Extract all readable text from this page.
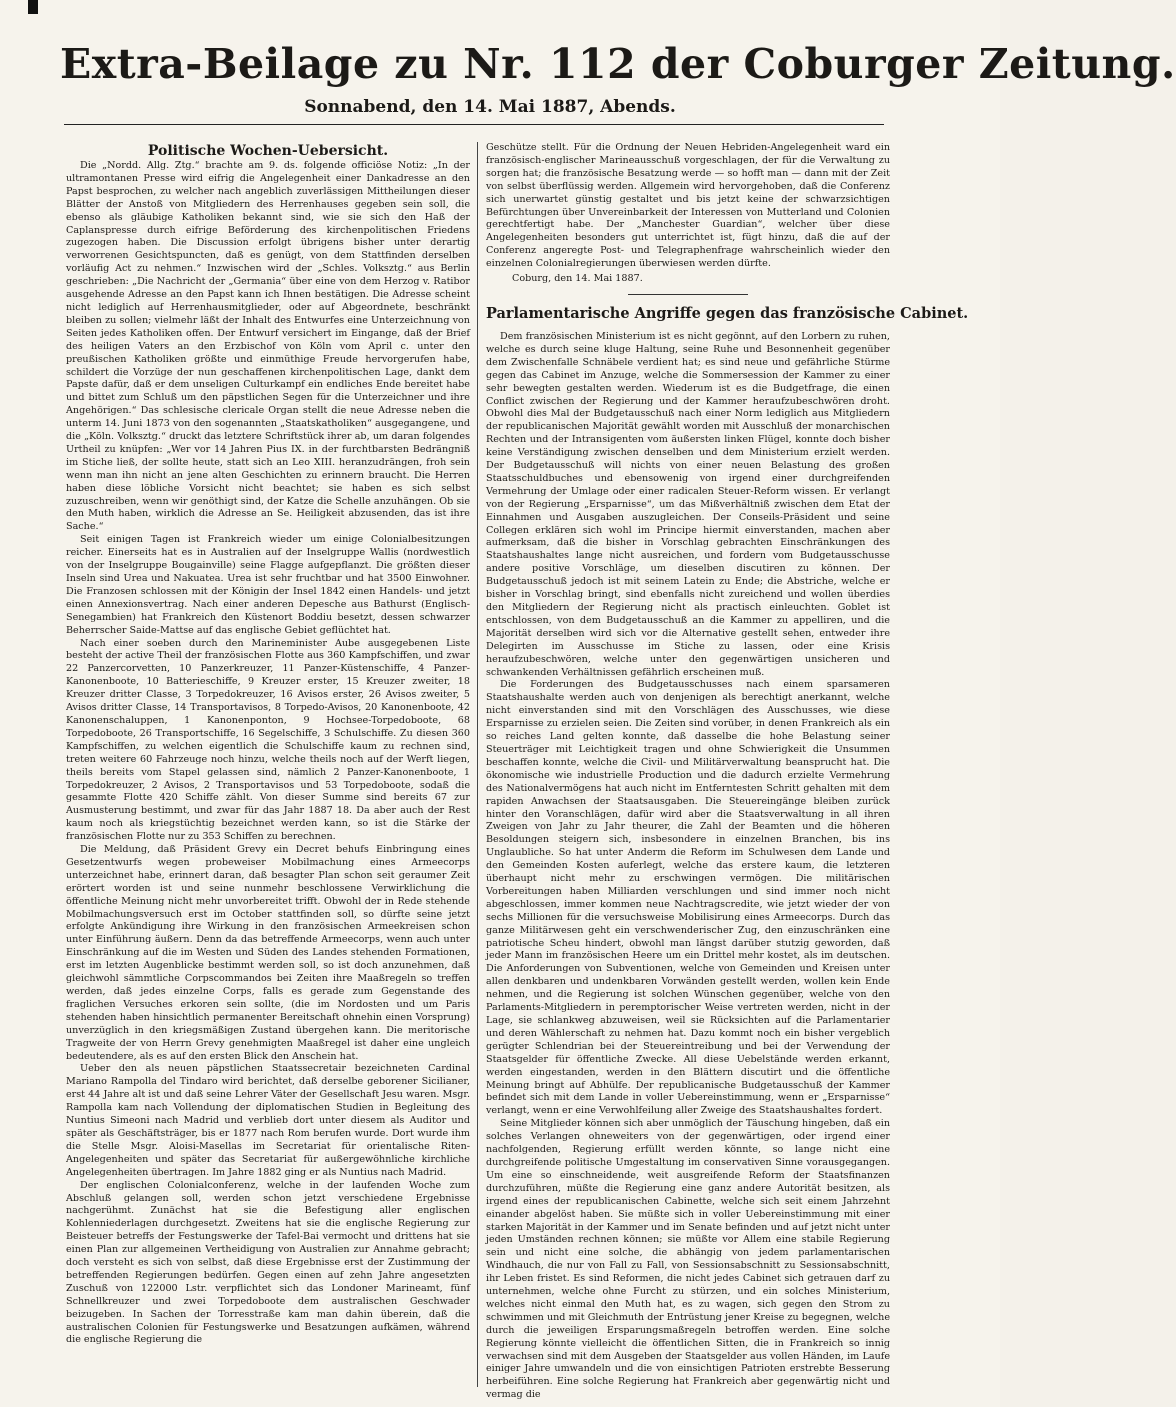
Extra-Beilage zu Nr. 112 der Coburger Zeitung.
Sonnabend, den 14. Mai 1887, Abends.

Politische Wochen-Uebersicht.

Die „Nordd. Allg. Ztg.“ brachte am 9. ds. folgende officiöse Notiz: „In der ultramontanen Presse wird eifrig die Angelegenheit einer Dankadresse an den Papst besprochen, zu welcher nach angeblich zuverlässigen Mittheilungen dieser Blätter der Anstoß von Mitgliedern des Herrenhauses gegeben sein soll, die ebenso als gläubige Katholiken bekannt sind, wie sie sich den Haß der Caplanspresse durch eifrige Beförderung des kirchenpolitischen Friedens zugezogen haben. Die Discussion erfolgt übrigens bisher unter derartig verworrenen Gesichtspuncten, daß es genügt, von dem Stattfinden derselben vorläufig Act zu nehmen.“ Inzwischen wird der „Schles. Volksztg.“ aus Berlin geschrieben: „Die Nachricht der „Germania“ über eine von dem Herzog v. Ratibor ausgehende Adresse an den Papst kann ich Ihnen bestätigen. Die Adresse scheint nicht lediglich auf Herrenhausmitglieder, oder auf Abgeordnete, beschränkt bleiben zu sollen; vielmehr läßt der Inhalt des Entwurfes eine Unterzeichnung von Seiten jedes Katholiken offen. Der Entwurf versichert im Eingange, daß der Brief des heiligen Vaters an den Erzbischof von Köln vom April c. unter den preußischen Katholiken größte und einmüthige Freude hervorgerufen habe, schildert die Vorzüge der nun geschaffenen kirchenpolitischen Lage, dankt dem Papste dafür, daß er dem unseligen Culturkampf ein endliches Ende bereitet habe und bittet zum Schluß um den päpstlichen Segen für die Unterzeichner und ihre Angehörigen.“ Das schlesische clericale Organ stellt die neue Adresse neben die unterm 14. Juni 1873 von den sogenannten „Staatskatholiken“ ausgegangene, und die „Köln. Volksztg.“ druckt das letztere Schriftstück ihrer ab, um daran folgendes Urtheil zu knüpfen: „Wer vor 14 Jahren Pius IX. in der furchtbarsten Bedrängniß im Stiche ließ, der sollte heute, statt sich an Leo XIII. heranzudrängen, froh sein wenn man ihn nicht an jene alten Geschichten zu erinnern braucht. Die Herren haben diese löbliche Vorsicht nicht beachtet; sie haben es sich selbst zuzuschreiben, wenn wir genöthigt sind, der Katze die Schelle anzuhängen. Ob sie den Muth haben, wirklich die Adresse an Se. Heiligkeit abzusenden, das ist ihre Sache.“

Seit einigen Tagen ist Frankreich wieder um einige Colonialbesitzungen reicher. Einerseits hat es in Australien auf der Inselgruppe Wallis (nordwestlich von der Inselgruppe Bougainville) seine Flagge aufgepflanzt. Die größten dieser Inseln sind Urea und Nakuatea. Urea ist sehr fruchtbar und hat 3500 Einwohner. Die Franzosen schlossen mit der Königin der Insel 1842 einen Handels- und jetzt einen Annexionsvertrag. Nach einer anderen Depesche aus Bathurst (Englisch-Senegambien) hat Frankreich den Küstenort Boddiu besetzt, dessen schwarzer Beherrscher Saide-Mattse auf das englische Gebiet geflüchtet hat.

Nach einer soeben durch den Marineminister Aube ausgegebenen Liste besteht der active Theil der französischen Flotte aus 360 Kampfschiffen, und zwar 22 Panzercorvetten, 10 Panzerkreuzer, 11 Panzer-Küstenschiffe, 4 Panzer-Kanonenboote, 10 Batterieschiffe, 9 Kreuzer erster, 15 Kreuzer zweiter, 18 Kreuzer dritter Classe, 3 Torpedokreuzer, 16 Avisos erster, 26 Avisos zweiter, 5 Avisos dritter Classe, 14 Transportavisos, 8 Torpedo-Avisos, 20 Kanonenboote, 42 Kanonenschaluppen, 1 Kanonenponton, 9 Hochsee-Torpedoboote, 68 Torpedoboote, 26 Transportschiffe, 16 Segelschiffe, 3 Schulschiffe. Zu diesen 360 Kampfschiffen, zu welchen eigentlich die Schulschiffe kaum zu rechnen sind, treten weitere 60 Fahrzeuge noch hinzu, welche theils noch auf der Werft liegen, theils bereits vom Stapel gelassen sind, nämlich 2 Panzer-Kanonenboote, 1 Torpedokreuzer, 2 Avisos, 2 Transportavisos und 53 Torpedoboote, sodaß die gesammte Flotte 420 Schiffe zählt. Von dieser Summe sind bereits 67 zur Ausmusterung bestimmt, und zwar für das Jahr 1887 18. Da aber auch der Rest kaum noch als kriegstüchtig bezeichnet werden kann, so ist die Stärke der französischen Flotte nur zu 353 Schiffen zu berechnen.

Die Meldung, daß Präsident Grevy ein Decret behufs Einbringung eines Gesetzentwurfs wegen probeweiser Mobilmachung eines Armeecorps unterzeichnet habe, erinnert daran, daß besagter Plan schon seit geraumer Zeit erörtert worden ist und seine nunmehr beschlossene Verwirklichung die öffentliche Meinung nicht mehr unvorbereitet trifft. Obwohl der in Rede stehende Mobilmachungsversuch erst im October stattfinden soll, so dürfte seine jetzt erfolgte Ankündigung ihre Wirkung in den französischen Armeekreisen schon unter Einführung äußern. Denn da das betreffende Armeecorps, wenn auch unter Einschränkung auf die im Westen und Süden des Landes stehenden Formationen, erst im letzten Augenblicke bestimmt werden soll, so ist doch anzunehmen, daß gleichwohl sämmtliche Corpscommandos bei Zeiten ihre Maaßregeln so treffen werden, daß jedes einzelne Corps, falls es gerade zum Gegenstande des fraglichen Versuches erkoren sein sollte, (die im Nordosten und um Paris stehenden haben hinsichtlich permanenter Bereitschaft ohnehin einen Vorsprung) unverzüglich in den kriegsmäßigen Zustand übergehen kann. Die meritorische Tragweite der von Herrn Grevy genehmigten Maaßregel ist daher eine ungleich bedeutendere, als es auf den ersten Blick den Anschein hat.

Ueber den als neuen päpstlichen Staatssecretair bezeichneten Cardinal Mariano Rampolla del Tindaro wird berichtet, daß derselbe geborener Sicilianer, erst 44 Jahre alt ist und daß seine Lehrer Väter der Gesellschaft Jesu waren. Msgr. Rampolla kam nach Vollendung der diplomatischen Studien in Begleitung des Nuntius Simeoni nach Madrid und verblieb dort unter diesem als Auditor und später als Geschäftsträger, bis er 1877 nach Rom berufen wurde. Dort wurde ihm die Stelle Msgr. Aloisi-Masellas im Secretariat für orientalische Riten-Angelegenheiten und später das Secretariat für außergewöhnliche kirchliche Angelegenheiten übertragen. Im Jahre 1882 ging er als Nuntius nach Madrid.

Der englischen Colonialconferenz, welche in der laufenden Woche zum Abschluß gelangen soll, werden schon jetzt verschiedene Ergebnisse nachgerühmt. Zunächst hat sie die Befestigung aller englischen Kohlenniederlagen durchgesetzt. Zweitens hat sie die englische Regierung zur Beisteuer betreffs der Festungswerke der Tafel-Bai vermocht und drittens hat sie einen Plan zur allgemeinen Vertheidigung von Australien zur Annahme gebracht; doch versteht es sich von selbst, daß diese Ergebnisse erst der Zustimmung der betreffenden Regierungen bedürfen. Gegen einen auf zehn Jahre angesetzten Zuschuß von 122000 Lstr. verpflichtet sich das Londoner Marineamt, fünf Schnellkreuzer und zwei Torpedoboote dem australischen Geschwader beizugeben. In Sachen der Torresstraße kam man dahin überein, daß die australischen Colonien für Festungswerke und Besatzungen aufkämen, während die englische Regierung die

Geschütze stellt. Für die Ordnung der Neuen Hebriden-Angelegenheit ward ein französisch-englischer Marineausschuß vorgeschlagen, der für die Verwaltung zu sorgen hat; die französische Besatzung werde — so hofft man — dann mit der Zeit von selbst überflüssig werden. Allgemein wird hervorgehoben, daß die Conferenz sich unerwartet günstig gestaltet und bis jetzt keine der schwarzsichtigen Befürchtungen über Unvereinbarkeit der Interessen von Mutterland und Colonien gerechtfertigt habe. Der „Manchester Guardian“, welcher über diese Angelegenheiten besonders gut unterrichtet ist, fügt hinzu, daß die auf der Conferenz angeregte Post- und Telegraphenfrage wahrscheinlich wieder den einzelnen Colonialregierungen überwiesen werden dürfte.

Coburg, den 14. Mai 1887.

Parlamentarische Angriffe gegen das französische Cabinet.

Dem französischen Ministerium ist es nicht gegönnt, auf den Lorbern zu ruhen, welche es durch seine kluge Haltung, seine Ruhe und Besonnenheit gegenüber dem Zwischenfalle Schnäbele verdient hat; es sind neue und gefährliche Stürme gegen das Cabinet im Anzuge, welche die Sommersession der Kammer zu einer sehr bewegten gestalten werden. Wiederum ist es die Budgetfrage, die einen Conflict zwischen der Regierung und der Kammer heraufzubeschwören droht. Obwohl dies Mal der Budgetausschuß nach einer Norm lediglich aus Mitgliedern der republicanischen Majorität gewählt worden mit Ausschluß der monarchischen Rechten und der Intransigenten vom äußersten linken Flügel, konnte doch bisher keine Verständigung zwischen denselben und dem Ministerium erzielt werden. Der Budgetausschuß will nichts von einer neuen Belastung des großen Staatsschuldbuches und ebensowenig von irgend einer durchgreifenden Vermehrung der Umlage oder einer radicalen Steuer-Reform wissen. Er verlangt von der Regierung „Ersparnisse“, um das Mißverhältniß zwischen dem Etat der Einnahmen und Ausgaben auszugleichen. Der Conseils-Präsident und seine Collegen erklären sich wohl im Principe hiermit einverstanden, machen aber aufmerksam, daß die bisher in Vorschlag gebrachten Einschränkungen des Staatshaushaltes lange nicht ausreichen, und fordern vom Budgetausschusse andere positive Vorschläge, um dieselben discutiren zu können. Der Budgetausschuß jedoch ist mit seinem Latein zu Ende; die Abstriche, welche er bisher in Vorschlag bringt, sind ebenfalls nicht zureichend und wollen überdies den Mitgliedern der Regierung nicht als practisch einleuchten. Goblet ist entschlossen, von dem Budgetausschuß an die Kammer zu appelliren, und die Majorität derselben wird sich vor die Alternative gestellt sehen, entweder ihre Delegirten im Ausschusse im Stiche zu lassen, oder eine Krisis heraufzubeschwören, welche unter den gegenwärtigen unsicheren und schwankenden Verhältnissen gefährlich erscheinen muß.

Die Forderungen des Budgetausschusses nach einem sparsameren Staatshaushalte werden auch von denjenigen als berechtigt anerkannt, welche nicht einverstanden sind mit den Vorschlägen des Ausschusses, wie diese Ersparnisse zu erzielen seien. Die Zeiten sind vorüber, in denen Frankreich als ein so reiches Land gelten konnte, daß dasselbe die hohe Belastung seiner Steuerträger mit Leichtigkeit tragen und ohne Schwierigkeit die Unsummen beschaffen konnte, welche die Civil- und Militärverwaltung beansprucht hat. Die ökonomische wie industrielle Production und die dadurch erzielte Vermehrung des Nationalvermögens hat auch nicht im Entferntesten Schritt gehalten mit dem rapiden Anwachsen der Staatsausgaben. Die Steuereingänge bleiben zurück hinter den Voranschlägen, dafür wird aber die Staatsverwaltung in all ihren Zweigen von Jahr zu Jahr theurer, die Zahl der Beamten und die höheren Besoldungen steigern sich, insbesondere in einzelnen Branchen, bis ins Unglaubliche. So hat unter Anderm die Reform im Schulwesen dem Lande und den Gemeinden Kosten auferlegt, welche das erstere kaum, die letzteren überhaupt nicht mehr zu erschwingen vermögen. Die militärischen Vorbereitungen haben Milliarden verschlungen und sind immer noch nicht abgeschlossen, immer kommen neue Nachtragscredite, wie jetzt wieder der von sechs Millionen für die versuchsweise Mobilisirung eines Armeecorps. Durch das ganze Militärwesen geht ein verschwenderischer Zug, den einzuschränken eine patriotische Scheu hindert, obwohl man längst darüber stutzig geworden, daß jeder Mann im französischen Heere um ein Drittel mehr kostet, als im deutschen. Die Anforderungen von Subventionen, welche von Gemeinden und Kreisen unter allen denkbaren und undenkbaren Vorwänden gestellt werden, wollen kein Ende nehmen, und die Regierung ist solchen Wünschen gegenüber, welche von den Parlaments-Mitgliedern in peremptorischer Weise vertreten werden, nicht in der Lage, sie schlankweg abzuweisen, weil sie Rücksichten auf die Parlamentarier und deren Wählerschaft zu nehmen hat. Dazu kommt noch ein bisher vergeblich gerügter Schlendrian bei der Steuereintreibung und bei der Verwendung der Staatsgelder für öffentliche Zwecke. All diese Uebelstände werden erkannt, werden eingestanden, werden in den Blättern discutirt und die öffentliche Meinung bringt auf Abhülfe. Der republicanische Budgetausschuß der Kammer befindet sich mit dem Lande in voller Uebereinstimmung, wenn er „Ersparnisse“ verlangt, wenn er eine Verwohlfeilung aller Zweige des Staatshaushaltes fordert.

Seine Mitglieder können sich aber unmöglich der Täuschung hingeben, daß ein solches Verlangen ohneweiters von der gegenwärtigen, oder irgend einer nachfolgenden, Regierung erfüllt werden könnte, so lange nicht eine durchgreifende politische Umgestaltung im conservativen Sinne vorausgegangen. Um eine so einschneidende, weit ausgreifende Reform der Staatsfinanzen durchzuführen, müßte die Regierung eine ganz andere Autorität besitzen, als irgend eines der republicanischen Cabinette, welche sich seit einem Jahrzehnt einander abgelöst haben. Sie müßte sich in voller Uebereinstimmung mit einer starken Majorität in der Kammer und im Senate befinden und auf jetzt nicht unter jeden Umständen rechnen können; sie müßte vor Allem eine stabile Regierung sein und nicht eine solche, die abhängig von jedem parlamentarischen Windhauch, die nur von Fall zu Fall, von Sessionsabschnitt zu Sessionsabschnitt, ihr Leben fristet. Es sind Reformen, die nicht jedes Cabinet sich getrauen darf zu unternehmen, welche ohne Furcht zu stürzen, und ein solches Ministerium, welches nicht einmal den Muth hat, es zu wagen, sich gegen den Strom zu schwimmen und mit Gleichmuth der Entrüstung jener Kreise zu begegnen, welche durch die jeweiligen Ersparungsmaßregeln betroffen werden. Eine solche Regierung könnte vielleicht die öffentlichen Sitten, die in Frankreich so innig verwachsen sind mit dem Ausgeben der Staatsgelder aus vollen Händen, im Laufe einiger Jahre umwandeln und die von einsichtigen Patrioten erstrebte Besserung herbeiführen. Eine solche Regierung hat Frankreich aber gegenwärtig nicht und vermag die
